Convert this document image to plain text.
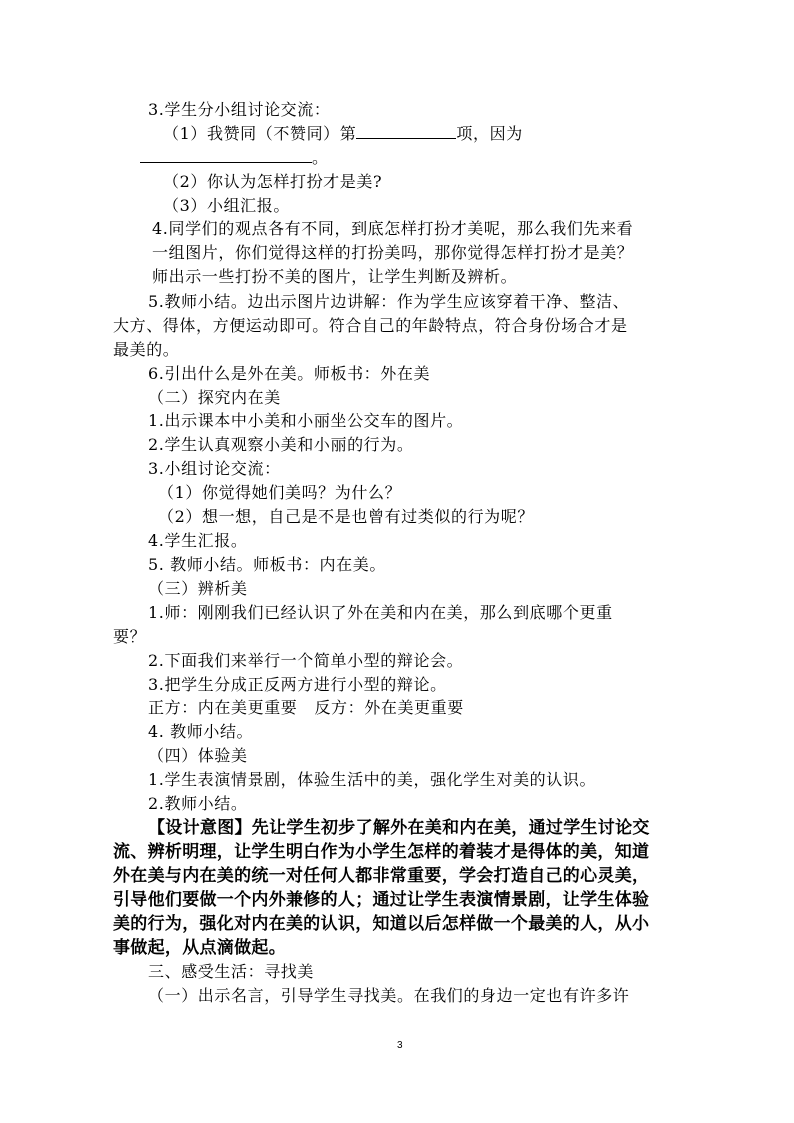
3.学生分小组讨论交流：
（1）我赞同（不赞同）第	项，因为
。
（2）你认为怎样打扮才是美?
（3）小组汇报。
4.同学们的观点各有不同，到底怎样打扮才美呢，那么我们先来看
一组图片，你们觉得这样的打扮美吗，那你觉得怎样打扮才是美？
师出示一些打扮不美的图片，让学生判断及辨析。
5.教师小结。边出示图片边讲解：作为学生应该穿着干净、整洁、
大方、得体，方便运动即可。符合自己的年龄特点，符合身份场合才是
最美的。
6.引出什么是外在美。师板书：外在美
（二）探究内在美
1.出示课本中小美和小丽坐公交车的图片。
2.学生认真观察小美和小丽的行为。
3.小组讨论交流：
（1）你觉得她们美吗？为什么？
（2）想一想，自己是不是也曾有过类似的行为呢？
4.学生汇报。
5. 教师小结。师板书：内在美。
（三）辨析美
1.师：刚刚我们已经认识了外在美和内在美，那么到底哪个更重
要？
2.下面我们来举行一个简单小型的辩论会。
3.把学生分成正反两方进行小型的辩论。
正方：内在美更重要   反方：外在美更重要
4. 教师小结。
（四）体验美
1.学生表演情景剧，体验生活中的美，强化学生对美的认识。
2.教师小结。
【设计意图】先让学生初步了解外在美和内在美，通过学生讨论交
流、辨析明理，让学生明白作为小学生怎样的着装才是得体的美，知道
外在美与内在美的统一对任何人都非常重要，学会打造自己的心灵美，
引导他们要做一个内外兼修的人；通过让学生表演情景剧，让学生体验
美的行为，强化对内在美的认识，知道以后怎样做一个最美的人，从小
事做起，从点滴做起。
三、感受生活：寻找美
（一）出示名言，引导学生寻找美。在我们的身边一定也有许多许
3
